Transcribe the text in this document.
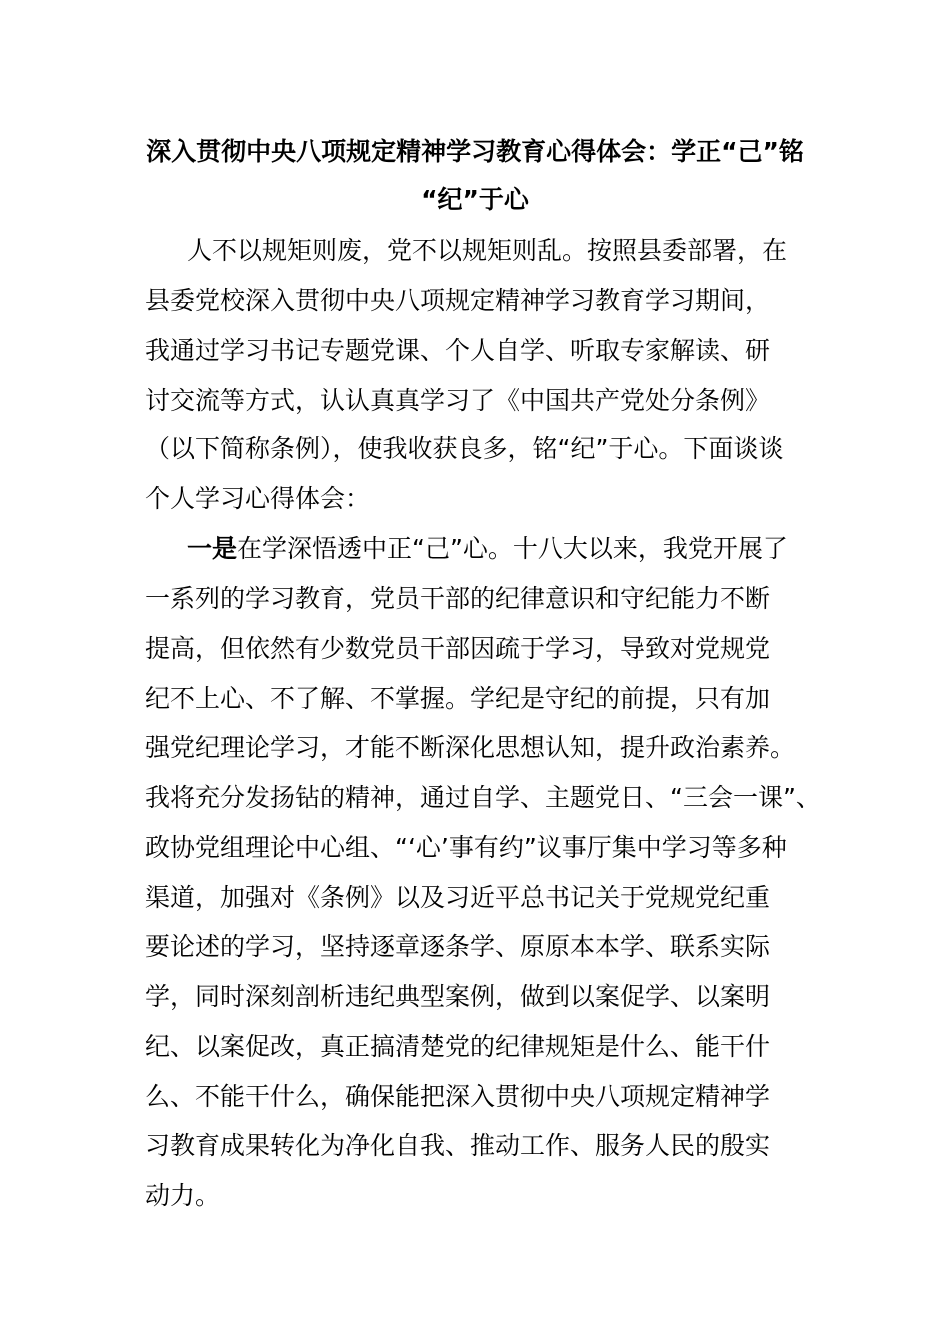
深入贯彻中央八项规定精神学习教育心得体会：学正“己”铭
“纪”于心
人不以规矩则废，党不以规矩则乱。按照县委部署，在
县委党校深入贯彻中央八项规定精神学习教育学习期间，
我通过学习书记专题党课、个人自学、听取专家解读、研
讨交流等方式，认认真真学习了《中国共产党处分条例》
（以下简称条例），使我收获良多，铭“纪”于心。下面谈谈
个人学习心得体会：
一是在学深悟透中正“己”心。十八大以来，我党开展了
一系列的学习教育，党员干部的纪律意识和守纪能力不断
提高，但依然有少数党员干部因疏于学习，导致对党规党
纪不上心、不了解、不掌握。学纪是守纪的前提，只有加
强党纪理论学习，才能不断深化思想认知，提升政治素养。
我将充分发扬钻的精神，通过自学、主题党日、“三会一课”、
政协党组理论中心组、“‘心’事有约”议事厅集中学习等多种
渠道，加强对《条例》以及习近平总书记关于党规党纪重
要论述的学习，坚持逐章逐条学、原原本本学、联系实际
学，同时深刻剖析违纪典型案例，做到以案促学、以案明
纪、以案促改，真正搞清楚党的纪律规矩是什么、能干什
么、不能干什么，确保能把深入贯彻中央八项规定精神学
习教育成果转化为净化自我、推动工作、服务人民的殷实
动力。
